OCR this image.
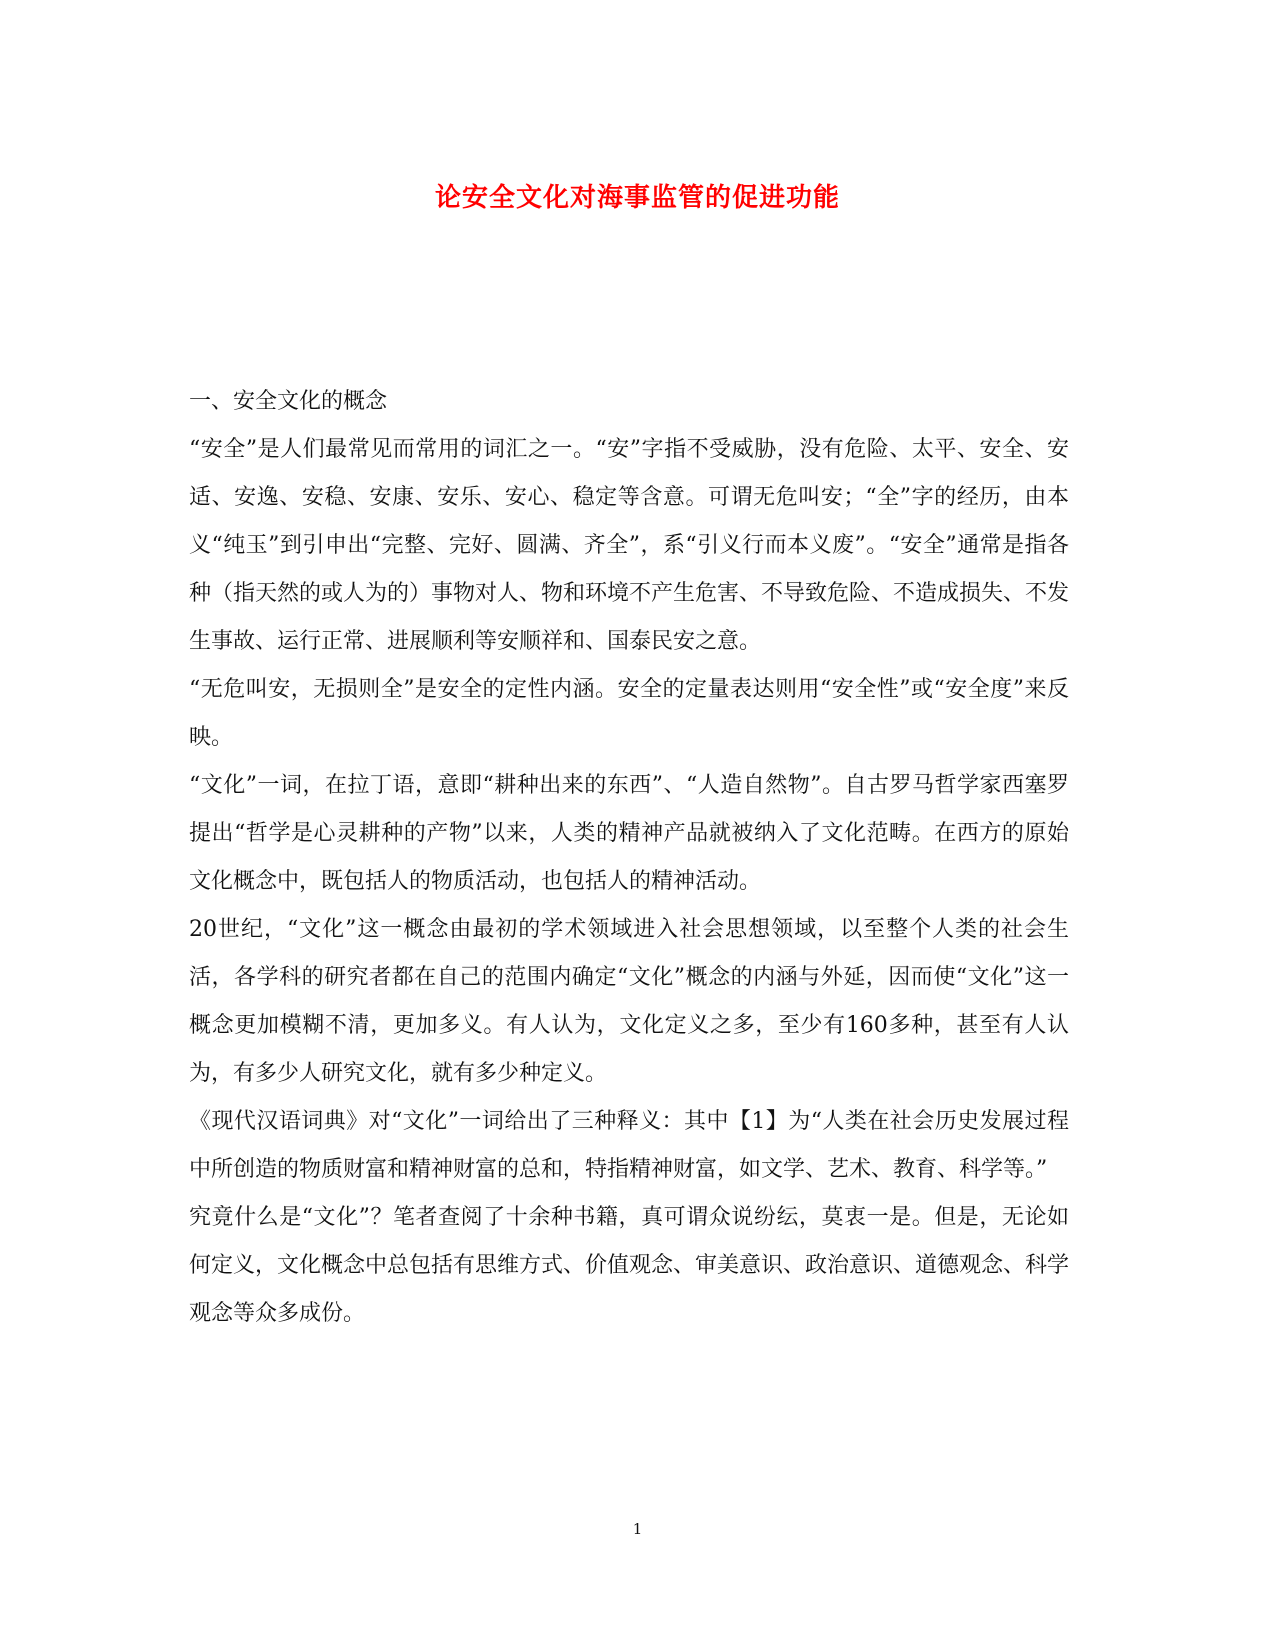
论安全文化对海事监管的促进功能

一、安全文化的概念

“安全”是人们最常见而常用的词汇之一。“安”字指不受威胁，没有危险、太平、安全、安适、安逸、安稳、安康、安乐、安心、稳定等含意。可谓无危叫安；“全”字的经历，由本义“纯玉”到引申出“完整、完好、圆满、齐全”，系“引义行而本义废”。“安全”通常是指各种（指天然的或人为的）事物对人、物和环境不产生危害、不导致危险、不造成损失、不发生事故、运行正常、进展顺利等安顺祥和、国泰民安之意。

“无危叫安，无损则全”是安全的定性内涵。安全的定量表达则用“安全性”或“安全度”来反映。

“文化”一词，在拉丁语，意即“耕种出来的东西”、“人造自然物”。自古罗马哲学家西塞罗提出“哲学是心灵耕种的产物”以来，人类的精神产品就被纳入了文化范畴。在西方的原始文化概念中，既包括人的物质活动，也包括人的精神活动。

20世纪，“文化”这一概念由最初的学术领域进入社会思想领域，以至整个人类的社会生活，各学科的研究者都在自己的范围内确定“文化”概念的内涵与外延，因而使“文化”这一概念更加模糊不清，更加多义。有人认为，文化定义之多，至少有160多种，甚至有人认为，有多少人研究文化，就有多少种定义。

《现代汉语词典》对“文化”一词给出了三种释义：其中【1】为“人类在社会历史发展过程中所创造的物质财富和精神财富的总和，特指精神财富，如文学、艺术、教育、科学等。”

究竟什么是“文化”？笔者查阅了十余种书籍，真可谓众说纷纭，莫衷一是。但是，无论如何定义，文化概念中总包括有思维方式、价值观念、审美意识、政治意识、道德观念、科学观念等众多成份。

1
